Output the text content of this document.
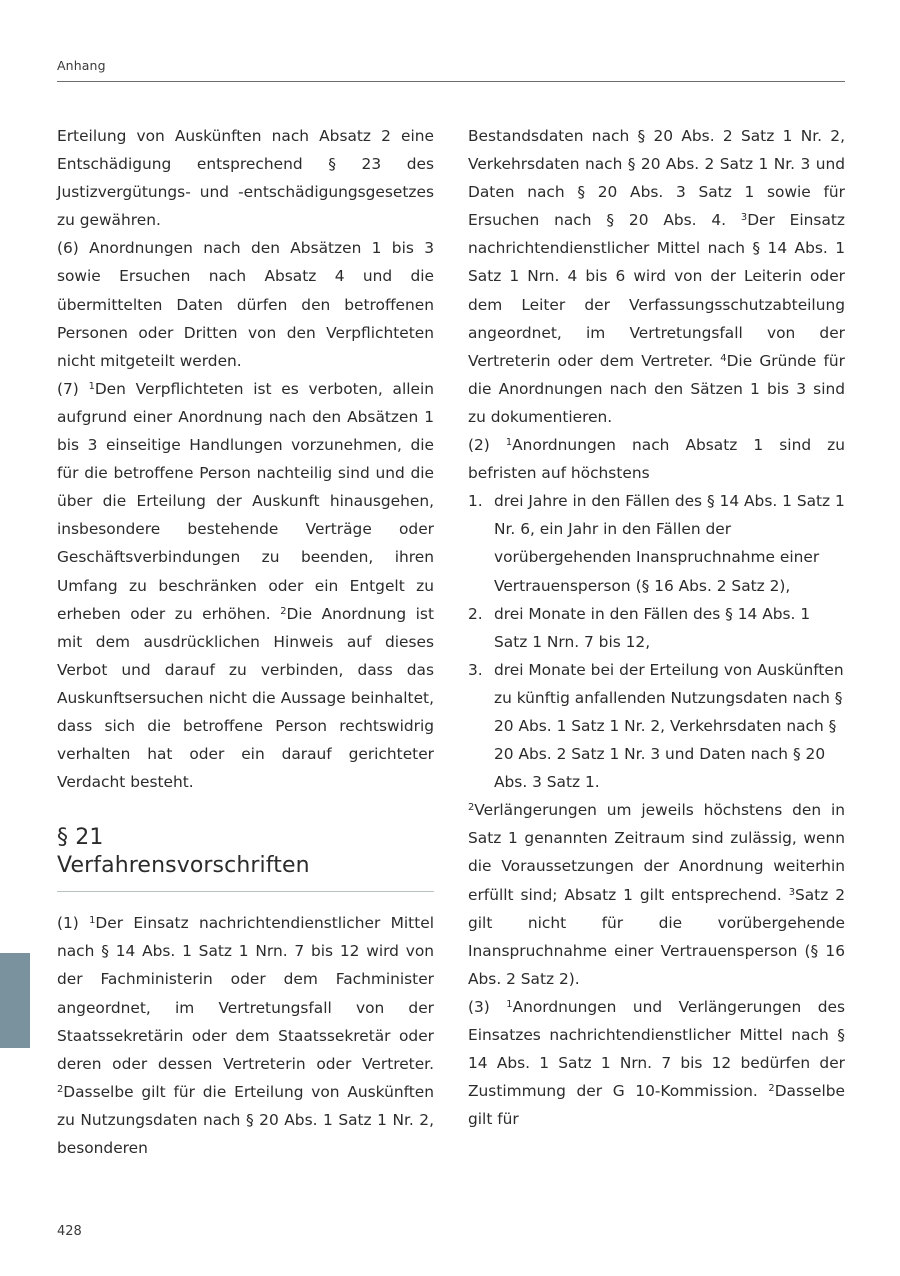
Anhang

Erteilung von Auskünften nach Absatz 2 eine Entschädigung entsprechend § 23 des Justizvergütungs- und -entschädigungsgesetzes zu gewähren.

(6) Anordnungen nach den Absätzen 1 bis 3 sowie Ersuchen nach Absatz 4 und die übermittelten Daten dürfen den betroffenen Personen oder Dritten von den Verpflichteten nicht mitgeteilt werden.

(7) $^1$Den Verpflichteten ist es verboten, allein aufgrund einer Anordnung nach den Absätzen 1 bis 3 einseitige Handlungen vorzunehmen, die für die betroffene Person nachteilig sind und die über die Erteilung der Auskunft hinausgehen, insbesondere bestehende Verträge oder Geschäftsverbindungen zu beenden, ihren Umfang zu beschränken oder ein Entgelt zu erheben oder zu erhöhen. $^2$Die Anordnung ist mit dem ausdrücklichen Hinweis auf dieses Verbot und darauf zu verbinden, dass das Auskunftsersuchen nicht die Aussage beinhaltet, dass sich die betroffene Person rechtswidrig verhalten hat oder ein darauf gerichteter Verdacht besteht.

§ 21
Verfahrensvorschriften

(1) $^1$Der Einsatz nachrichtendienstlicher Mittel nach § 14 Abs. 1 Satz 1 Nrn. 7 bis 12 wird von der Fachministerin oder dem Fachminister angeordnet, im Vertretungsfall von der Staatssekretärin oder dem Staatssekretär oder deren oder dessen Vertreterin oder Vertreter. $^2$Dasselbe gilt für die Erteilung von Auskünften zu Nutzungsdaten nach § 20 Abs. 1 Satz 1 Nr. 2, besonderen

Bestandsdaten nach § 20 Abs. 2 Satz 1 Nr. 2, Verkehrsdaten nach § 20 Abs. 2 Satz 1 Nr. 3 und Daten nach § 20 Abs. 3 Satz 1 sowie für Ersuchen nach § 20 Abs. 4. $^3$Der Einsatz nachrichtendienstlicher Mittel nach § 14 Abs. 1 Satz 1 Nrn. 4 bis 6 wird von der Leiterin oder dem Leiter der Verfassungsschutzabteilung angeordnet, im Vertretungsfall von der Vertreterin oder dem Vertreter. $^4$Die Gründe für die Anordnungen nach den Sätzen 1 bis 3 sind zu dokumentieren.

(2) $^1$Anordnungen nach Absatz 1 sind zu befristen auf höchstens

1. drei Jahre in den Fällen des § 14 Abs. 1 Satz 1 Nr. 6, ein Jahr in den Fällen der vorübergehenden Inanspruchnahme einer Vertrauensperson (§ 16 Abs. 2 Satz 2),
2. drei Monate in den Fällen des § 14 Abs. 1 Satz 1 Nrn. 7 bis 12,
3. drei Monate bei der Erteilung von Auskünften zu künftig anfallenden Nutzungsdaten nach § 20 Abs. 1 Satz 1 Nr. 2, Verkehrsdaten nach § 20 Abs. 2 Satz 1 Nr. 3 und Daten nach § 20 Abs. 3 Satz 1.

$^2$Verlängerungen um jeweils höchstens den in Satz 1 genannten Zeitraum sind zulässig, wenn die Voraussetzungen der Anordnung weiterhin erfüllt sind; Absatz 1 gilt entsprechend. $^3$Satz 2 gilt nicht für die vorübergehende Inanspruchnahme einer Vertrauensperson (§ 16 Abs. 2 Satz 2).

(3) $^1$Anordnungen und Verlängerungen des Einsatzes nachrichtendienstlicher Mittel nach § 14 Abs. 1 Satz 1 Nrn. 7 bis 12 bedürfen der Zustimmung der G 10-Kommission. $^2$Dasselbe gilt für

428
